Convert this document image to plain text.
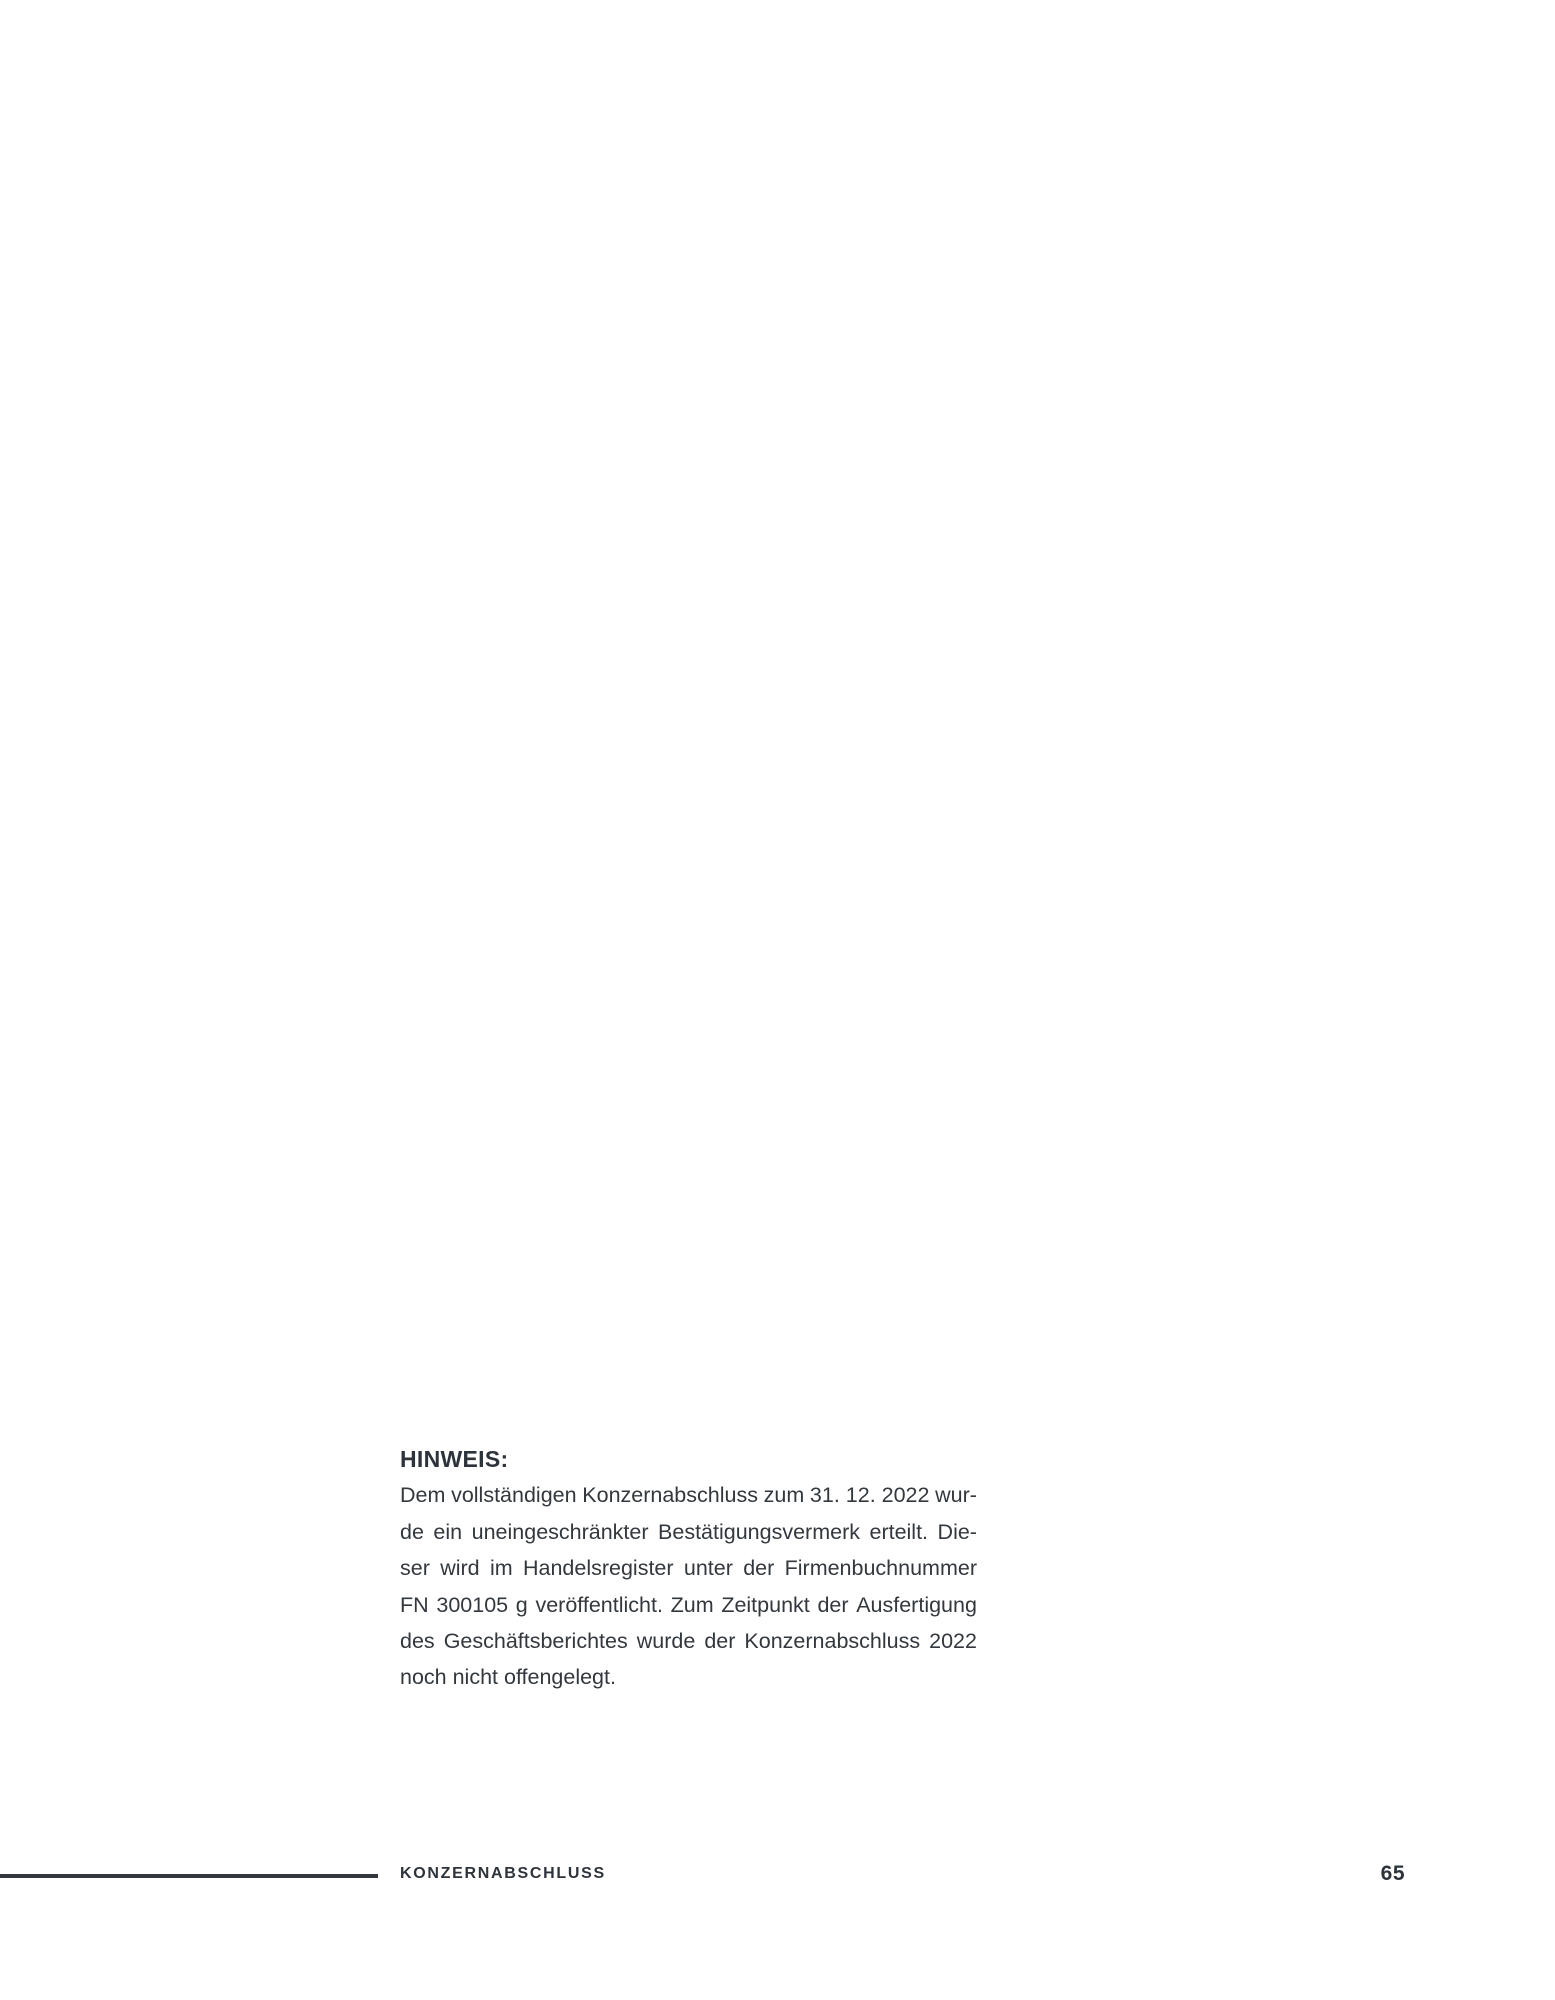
HINWEIS:
Dem vollständigen Konzernabschluss zum 31. 12. 2022 wur-
de ein uneingeschränkter Bestätigungsvermerk erteilt. Die-
ser wird im Handelsregister unter der Firmenbuchnummer
FN 300105 g veröffentlicht. Zum Zeitpunkt der Ausfertigung
des Geschäftsberichtes wurde der Konzernabschluss 2022
noch nicht offengelegt.
KONZERNABSCHLUSS	65
